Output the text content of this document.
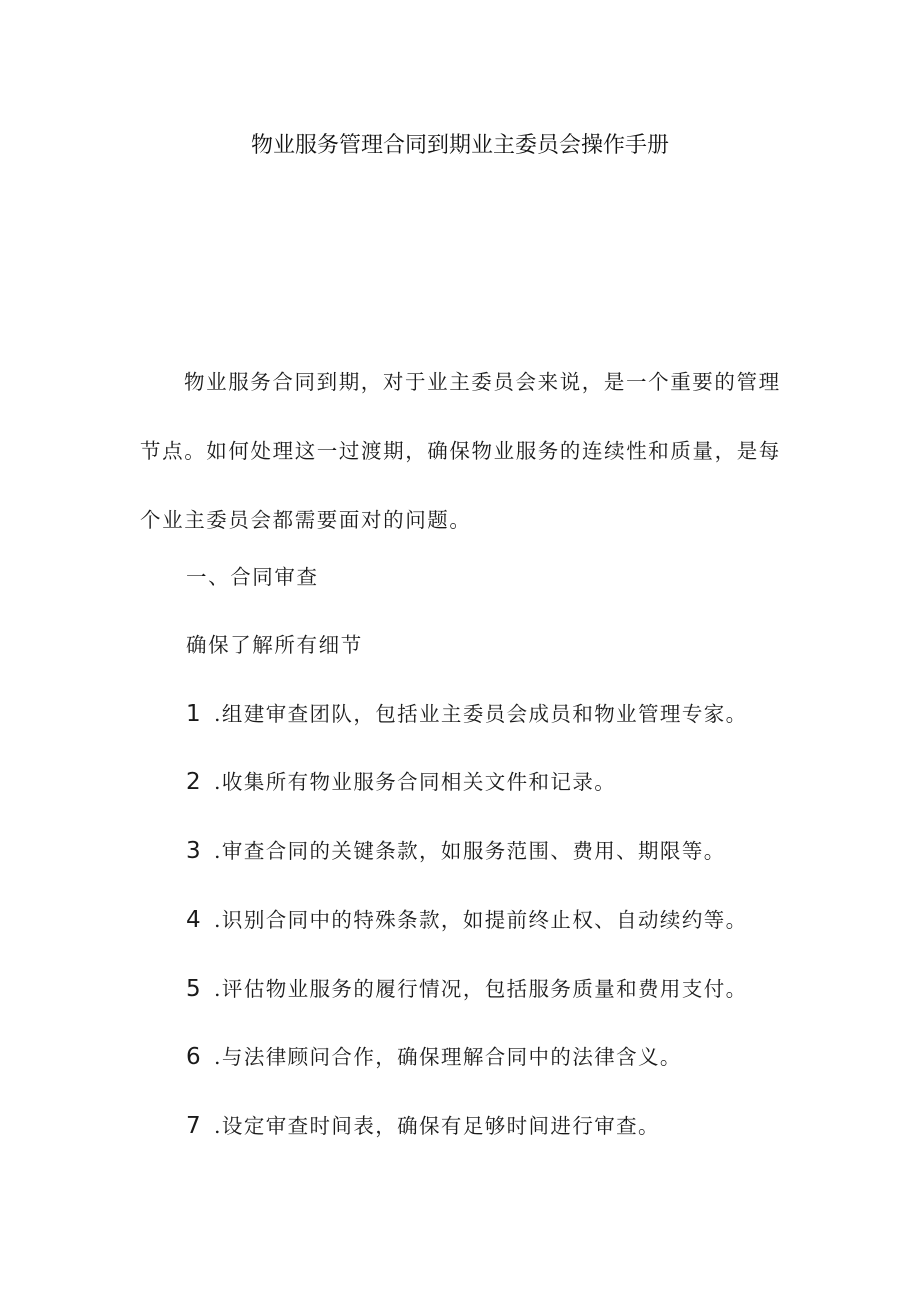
物业服务管理合同到期业主委员会操作手册

物业服务合同到期，对于业主委员会来说，是一个重要的管理节点。如何处理这一过渡期，确保物业服务的连续性和质量，是每个业主委员会都需要面对的问题。

一、合同审查

确保了解所有细节

1 .组建审查团队，包括业主委员会成员和物业管理专家。
2 .收集所有物业服务合同相关文件和记录。
3 .审查合同的关键条款，如服务范围、费用、期限等。
4 .识别合同中的特殊条款，如提前终止权、自动续约等。
5 .评估物业服务的履行情况，包括服务质量和费用支付。
6 .与法律顾问合作，确保理解合同中的法律含义。
7 .设定审查时间表，确保有足够时间进行审查。
